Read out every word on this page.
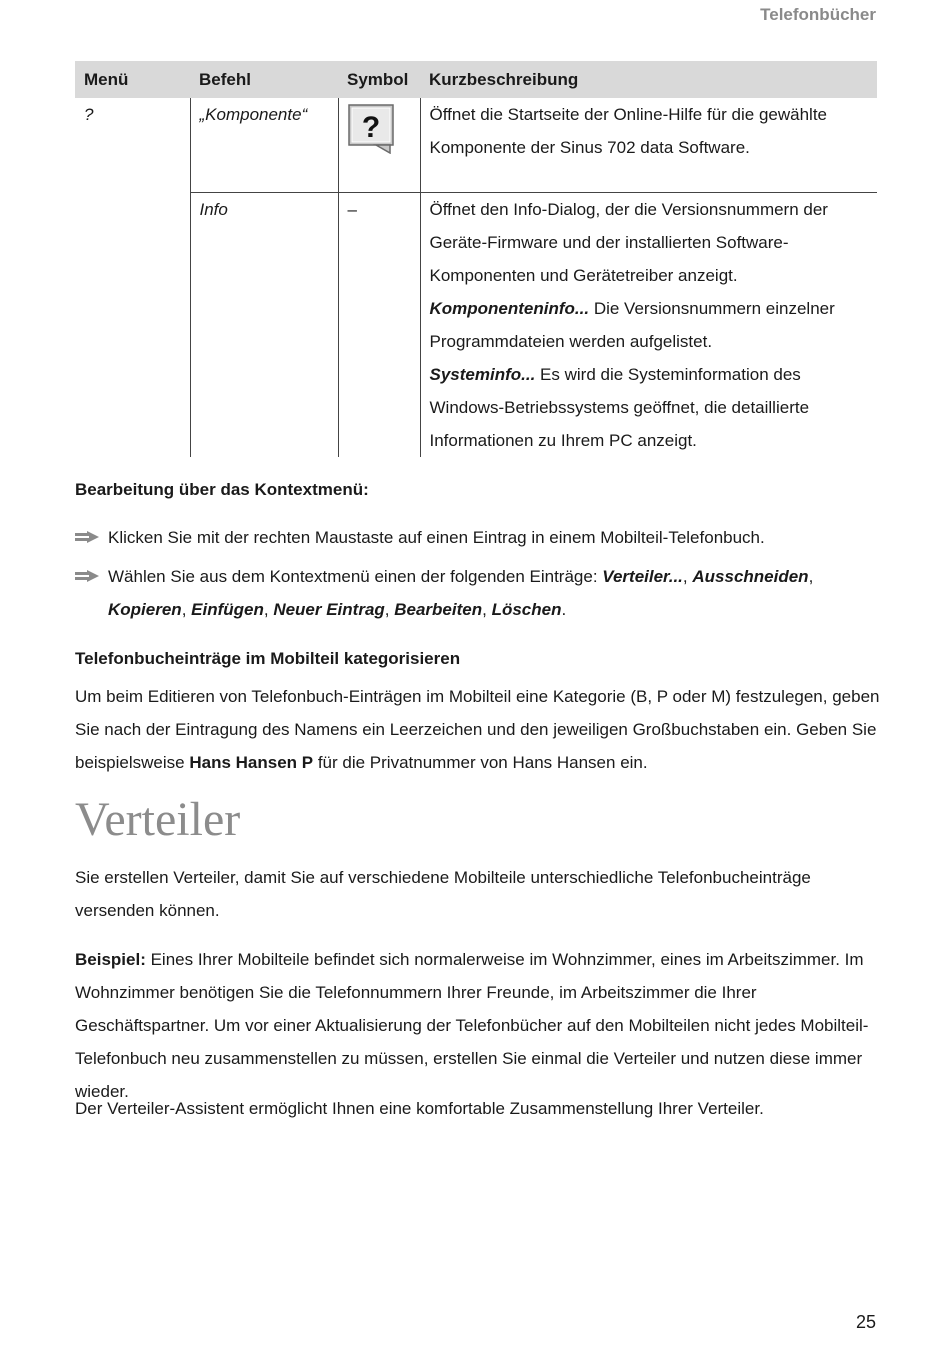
Telefonbücher
Menü	Befehl	Symbol	Kurzbeschreibung
?	„Komponente“	?	Öffnet die Startseite der Online-Hilfe für die gewählte Komponente der Sinus 702 data Software.
	Info	–	Öffnet den Info-Dialog, der die Versionsnummern der Geräte-Firmware und der installierten Software-Komponenten und Gerätetreiber anzeigt.
Komponenteninfo... Die Versionsnummern einzelner Programmdateien werden aufgelistet.
Systeminfo... Es wird die Systeminformation des Windows-Betriebssystems geöffnet, die detaillierte Informationen zu Ihrem PC anzeigt.
Bearbeitung über das Kontextmenü:
Klicken Sie mit der rechten Maustaste auf einen Eintrag in einem Mobilteil-Telefonbuch.
Wählen Sie aus dem Kontextmenü einen der folgenden Einträge: Verteiler..., Ausschneiden, Kopieren, Einfügen, Neuer Eintrag, Bearbeiten, Löschen.
Telefonbucheinträge im Mobilteil kategorisieren
Um beim Editieren von Telefonbuch-Einträgen im Mobilteil eine Kategorie (B, P oder M) festzulegen, geben Sie nach der Eintragung des Namens ein Leerzeichen und den jeweiligen Großbuchstaben ein. Geben Sie beispielsweise Hans Hansen P für die Privatnummer von Hans Hansen ein.
Verteiler
Sie erstellen Verteiler, damit Sie auf verschiedene Mobilteile unterschiedliche Telefonbucheinträge versenden können.
Beispiel: Eines Ihrer Mobilteile befindet sich normalerweise im Wohnzimmer, eines im Arbeitszimmer. Im Wohnzimmer benötigen Sie die Telefonnummern Ihrer Freunde, im Arbeitszimmer die Ihrer Geschäftspartner. Um vor einer Aktualisierung der Telefonbücher auf den Mobilteilen nicht jedes Mobilteil-Telefonbuch neu zusammenstellen zu müssen, erstellen Sie einmal die Verteiler und nutzen diese immer wieder.
Der Verteiler-Assistent ermöglicht Ihnen eine komfortable Zusammenstellung Ihrer Verteiler.
25
